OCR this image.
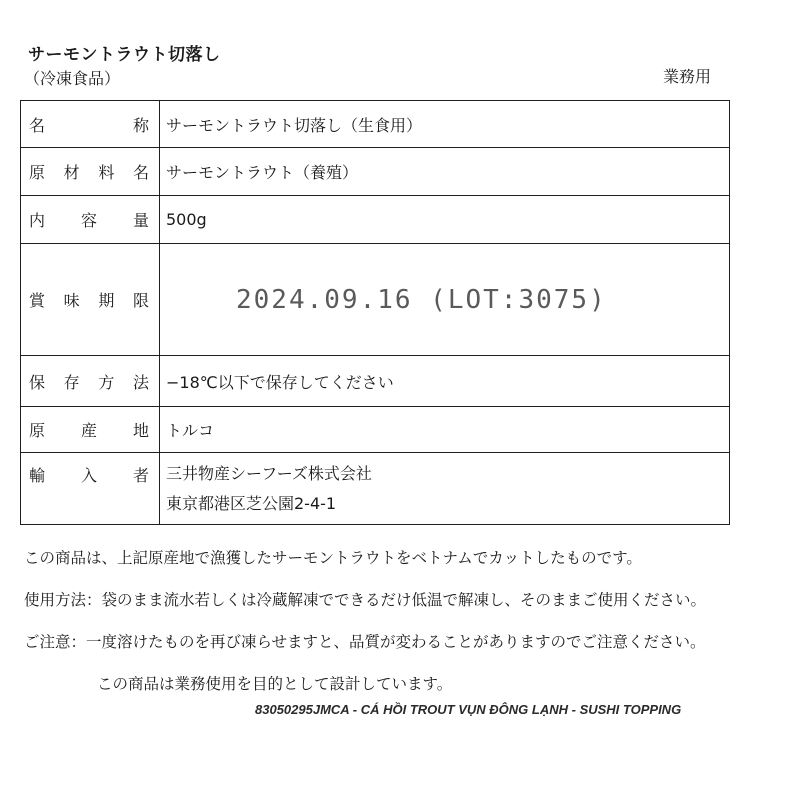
サーモントラウト切落し
（冷凍食品）	業務用
名 称	サーモントラウト切落し（生食用）
原材料名	サーモントラウト（養殖）
内容量	500g
賞味期限	2024.09.16 (LOT:3075)
保存方法	−18℃以下で保存してください
原産地	トルコ
輸入者	三井物産シーフーズ株式会社
東京都港区芝公園2-4-1
この商品は、上記原産地で漁獲したサーモントラウトをベトナムでカットしたものです。
使用方法：袋のまま流水若しくは冷蔵解凍でできるだけ低温で解凍し、そのままご使用ください。
ご注意：一度溶けたものを再び凍らせますと、品質が変わることがありますのでご注意ください。
この商品は業務使用を目的として設計しています。
83050295JMCA - CÁ HỒI TROUT VỤN ĐÔNG LẠNH - SUSHI TOPPING
